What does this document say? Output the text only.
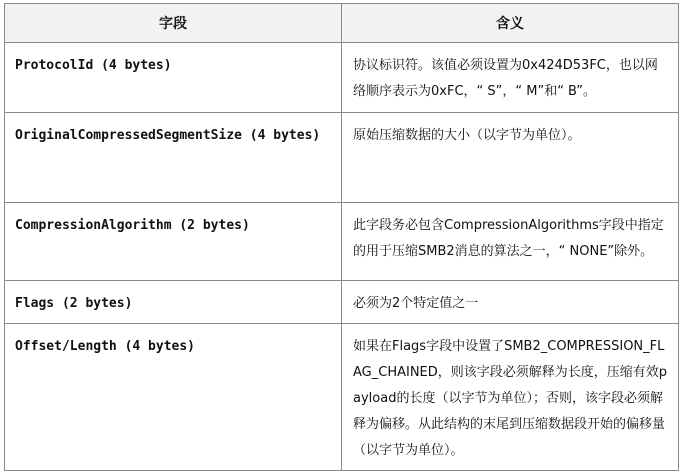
字段	含义
ProtocolId (4 bytes)	协议标识符。该值必须设置为0x424D53FC，也以网络顺序表示为0xFC，“ S”，“ M”和“ B”。
OriginalCompressedSegmentSize (4 bytes)	原始压缩数据的大小（以字节为单位）。
CompressionAlgorithm (2 bytes)	此字段务必包含CompressionAlgorithms字段中指定的用于压缩SMB2消息的算法之一，“ NONE”除外。
Flags (2 bytes)	必须为2个特定值之一
Offset/Length (4 bytes)	如果在Flags字段中设置了SMB2_COMPRESSION_FLAG_CHAINED，则该字段必须解释为长度，压缩有效payload的长度（以字节为单位）；否则，该字段必须解释为偏移。从此结构的末尾到压缩数据段开始的偏移量（以字节为单位）。
